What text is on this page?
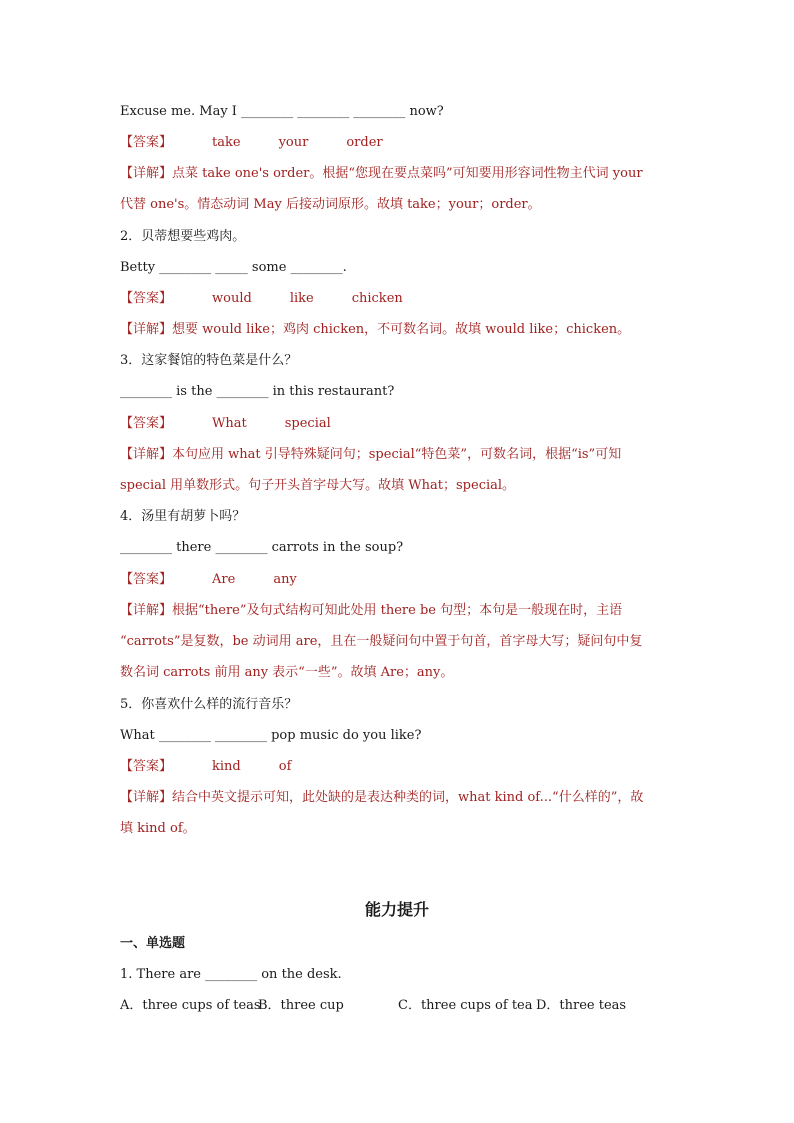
Excuse me. May I ________ ________ ________ now?
【答案】	take	your	order
【详解】点菜 take one's order。根据“您现在要点菜吗”可知要用形容词性物主代词 your
代替 one's。情态动词 May 后接动词原形。故填 take；your；order。
2．贝蒂想要些鸡肉。
Betty ________ _____ some ________.
【答案】	would	like	chicken
【详解】想要 would like；鸡肉 chicken，不可数名词。故填 would like；chicken。
3．这家餐馆的特色菜是什么？
________ is the ________ in this restaurant?
【答案】	What	special
【详解】本句应用 what 引导特殊疑问句；special“特色菜”，可数名词，根据“is”可知
special 用单数形式。句子开头首字母大写。故填 What；special。
4．汤里有胡萝卜吗？
________ there ________ carrots in the soup?
【答案】	Are	any
【详解】根据“there”及句式结构可知此处用 there be 句型；本句是一般现在时，主语
“carrots”是复数，be 动词用 are，且在一般疑问句中置于句首，首字母大写；疑问句中复
数名词 carrots 前用 any 表示“一些”。故填 Are；any。
5．你喜欢什么样的流行音乐？
What ________ ________ pop music do you like?
【答案】	kind	of
【详解】结合中英文提示可知，此处缺的是表达种类的词，what kind of...“什么样的”，故
填 kind of。
能力提升
一、单选题
1. There are ________ on the desk.
A．three cups of teasB．three cup	C．three cups of tea D．three teas
